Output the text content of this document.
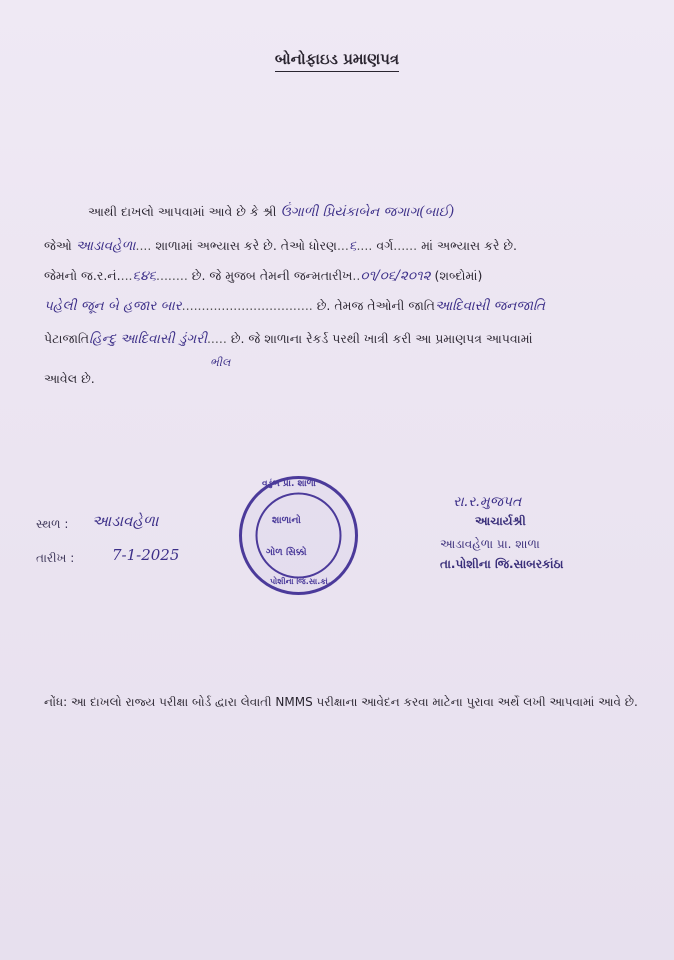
બોનોફાઇડ પ્રમાણપત્ર
આથી દાખલો આપવામાં આવે છે કે શ્રી ઉંગાળી પ્રિયંકાબેન જગાગ(બાઈ)
જેઓ આડાવહેળા.... શાળામાં અભ્યાસ કરે છે. તેઓ ધોરણ...૬.... વર્ગ...... માં અભ્યાસ કરે છે.
જેમનો જ.ર.નં....૬૪૬........ છે. જે મુજબ તેમની જન્મતારીખ..૦૧/૦૬/૨૦૧૨ (શબ્દોમાં)
પહેલી જૂન બે હજાર બાર................................. છે. તેમજ તેઓની જાતિઆદિવાસી જનજાતિ
પેટાજાતિહિન્દુ આદિવાસી ડુંગરી..... છે. જે શાળાના રેકર્ડ પરથી ખાત્રી કરી આ પ્રમાણપત્ર આપવામાં
ભીલ
આવેલ છે.
સ્થળ : આડાવહેળા
તારીખ :	7-1-2025
વડુંબ પ્રા. શાળા
શાળાનો
ગોળ સિક્કો
પોશીના જિ.સા.કાં.
રા.ર.મુજપત
આચાર્યશ્રી
આડાવહેળા પ્રા. શાળા
તા.પોશીના જિ.સાબરકાંઠા
નોંધ: આ દાખલો રાજ્ય પરીક્ષા બોર્ડ દ્વારા લેવાતી NMMS પરીક્ષાના આવેદન કરવા માટેના પુરાવા અર્થે લખી આપવામાં આવે છે.
